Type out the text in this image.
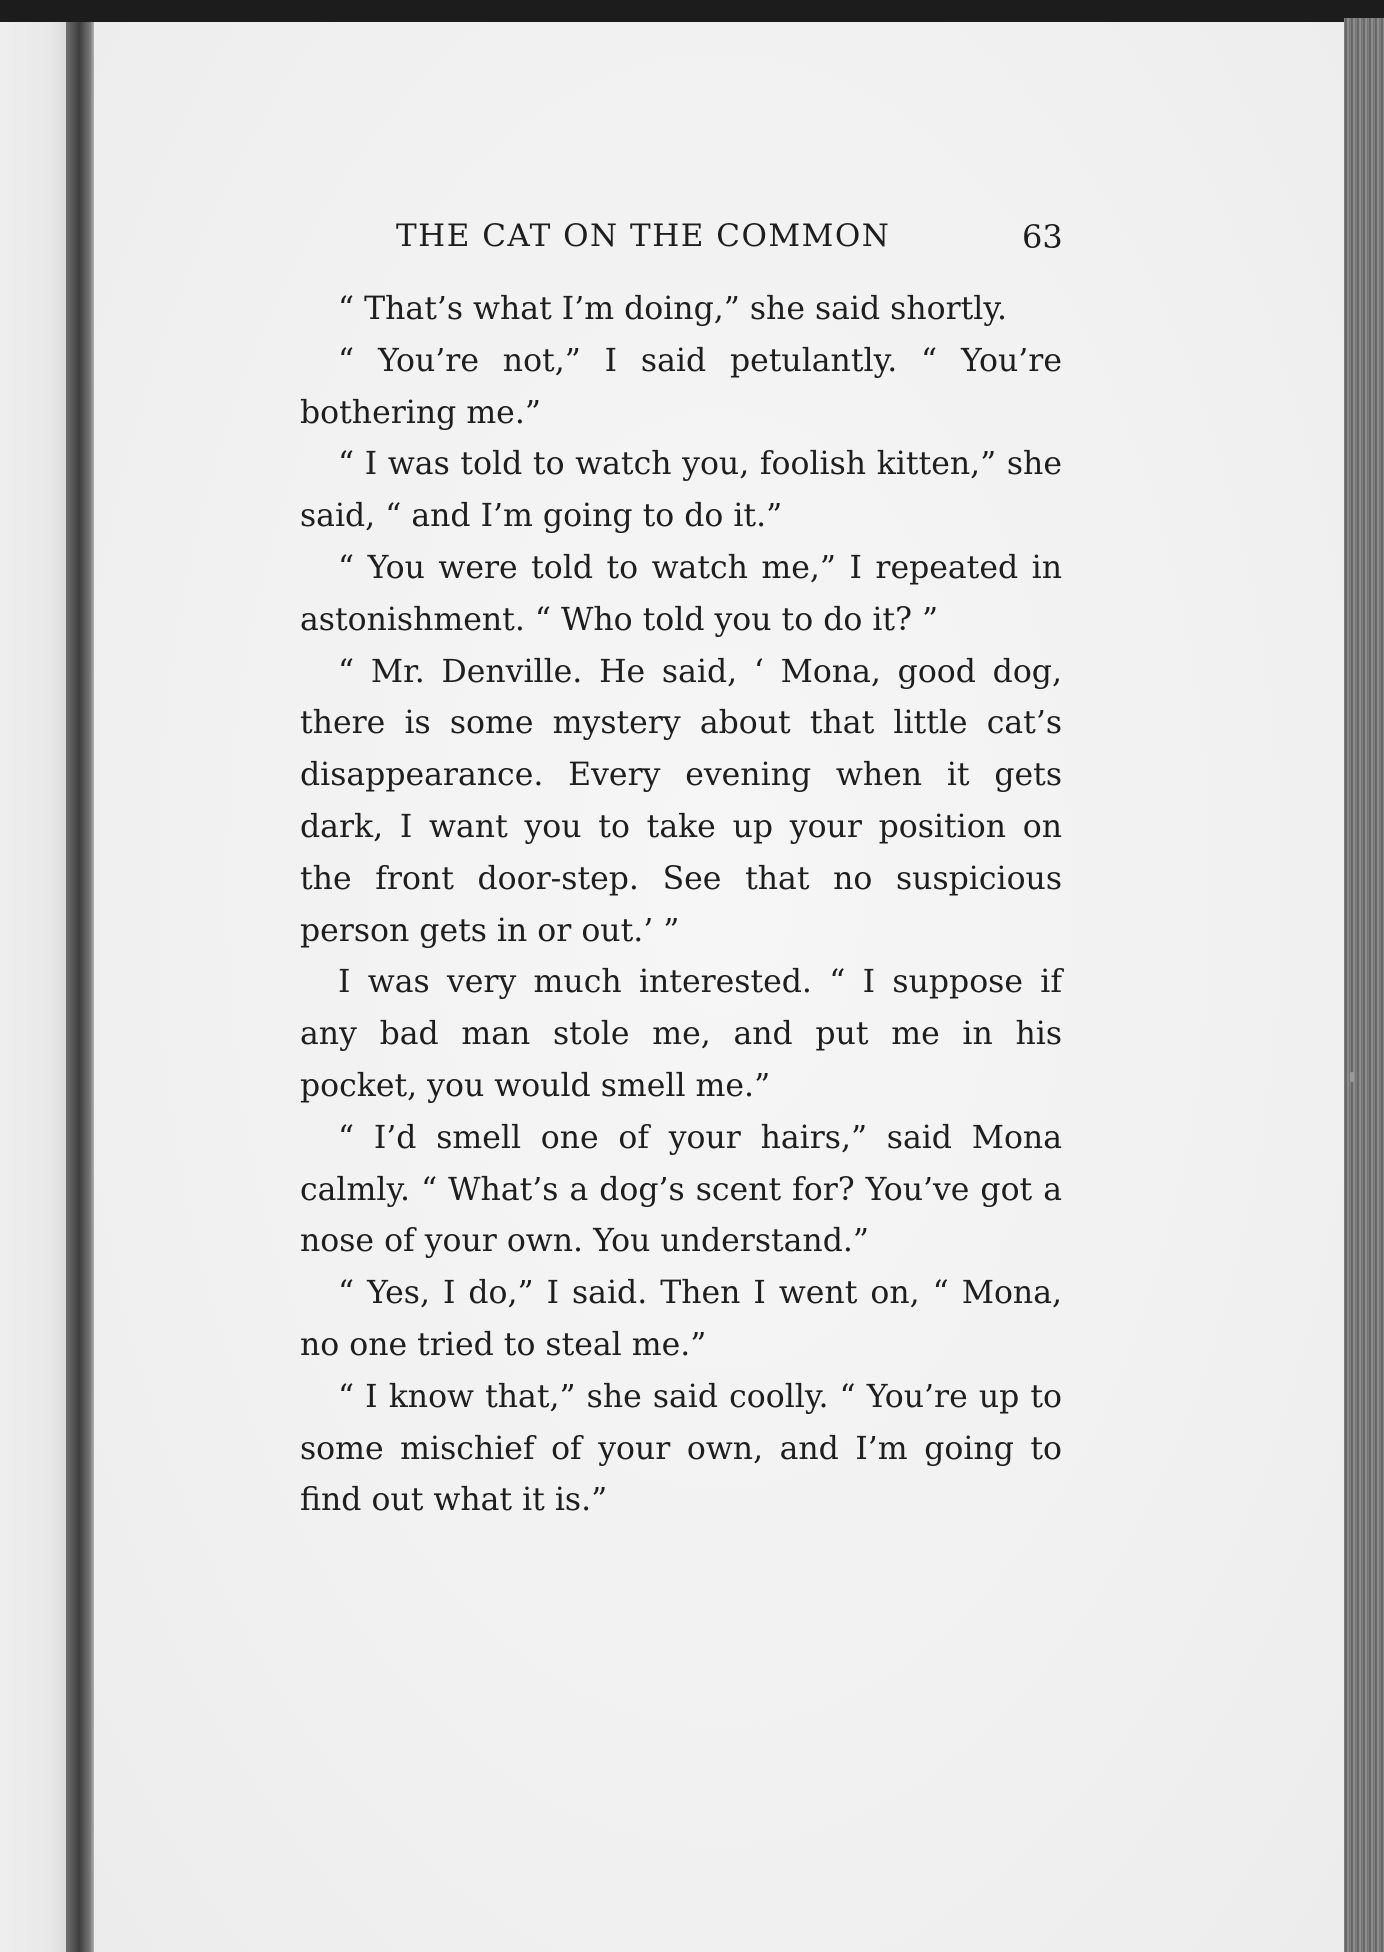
THE CAT ON THE COMMON	63

“ That’s what I’m doing,” she said shortly.

“ You’re not,” I said petulantly. “ You’re bothering me.”

“ I was told to watch you, foolish kitten,” she said, “ and I’m going to do it.”

“ You were told to watch me,” I repeated in astonishment. “ Who told you to do it? ”

“ Mr. Denville. He said, ‘ Mona, good dog, there is some mystery about that little cat’s disappearance. Every evening when it gets dark, I want you to take up your position on the front door-step. See that no suspicious person gets in or out.’ ”

I was very much interested. “ I suppose if any bad man stole me, and put me in his pocket, you would smell me.”

“ I’d smell one of your hairs,” said Mona calmly. “ What’s a dog’s scent for? You’ve got a nose of your own. You understand.”

“ Yes, I do,” I said. Then I went on, “ Mona, no one tried to steal me.”

“ I know that,” she said coolly. “ You’re up to some mischief of your own, and I’m going to find out what it is.”
